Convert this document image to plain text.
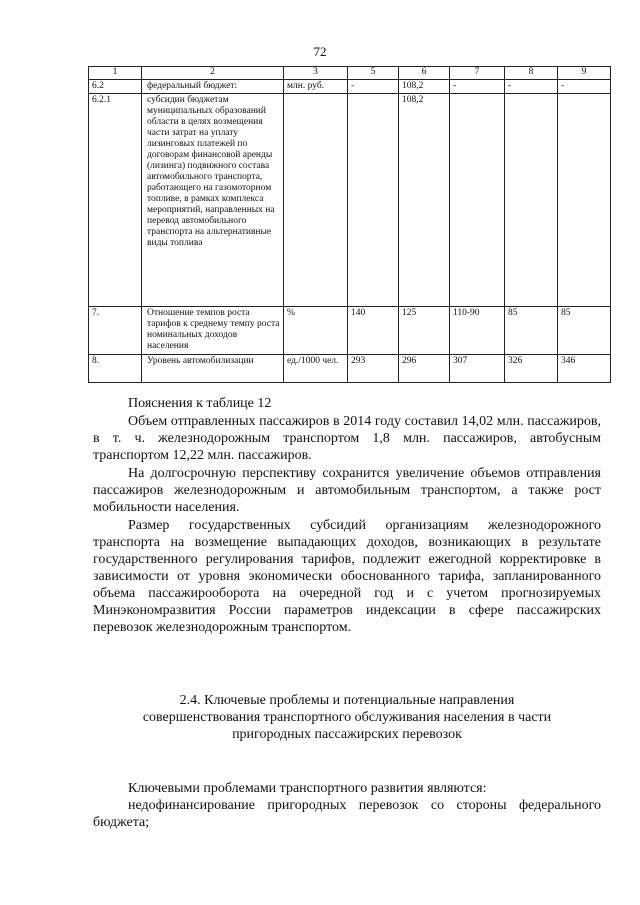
72
1	2	3	5	6	7	8	9
6.2	федеральный бюджет:	млн. руб.	-	108,2	-	-	-
6.2.1	субсидии бюджетам муниципальных образований области в целях возмещения части затрат на уплату лизинговых платежей по договорам финансовой аренды (лизинга) подвижного состава автомобильного транспорта, работающего на газомоторном топливе, в рамках комплекса мероприятий, направленных на перевод автомобильного транспорта на альтернативные виды топлива			108,2			
7.	Отношение темпов роста тарифов к среднему темпу роста номинальных доходов населения	%	140	125	110-90	85	85
8.	Уровень автомобилизации	ед./1000 чел.	293	296	307	326	346

Пояснения к таблице 12

Объем отправленных пассажиров в 2014 году составил 14,02 млн. пассажиров, в т. ч. железнодорожным транспортом 1,8 млн. пассажиров, автобусным транспортом 12,22 млн. пассажиров.

На долгосрочную перспективу сохранится увеличение объемов отправления пассажиров железнодорожным и автомобильным транспортом, а также рост мобильности населения.

Размер государственных субсидий организациям железнодорожного транспорта на возмещение выпадающих доходов, возникающих в результате государственного регулирования тарифов, подлежит ежегодной корректировке в зависимости от уровня экономически обоснованного тарифа, запланированного объема пассажирооборота на очередной год и с учетом прогнозируемых Минэкономразвития России параметров индексации в сфере пассажирских перевозок железнодорожным транспортом.

2.4. Ключевые проблемы и потенциальные направления
совершенствования транспортного обслуживания населения в части
пригородных пассажирских перевозок

Ключевыми проблемами транспортного развития являются:

недофинансирование пригородных перевозок со стороны федерального бюджета;
